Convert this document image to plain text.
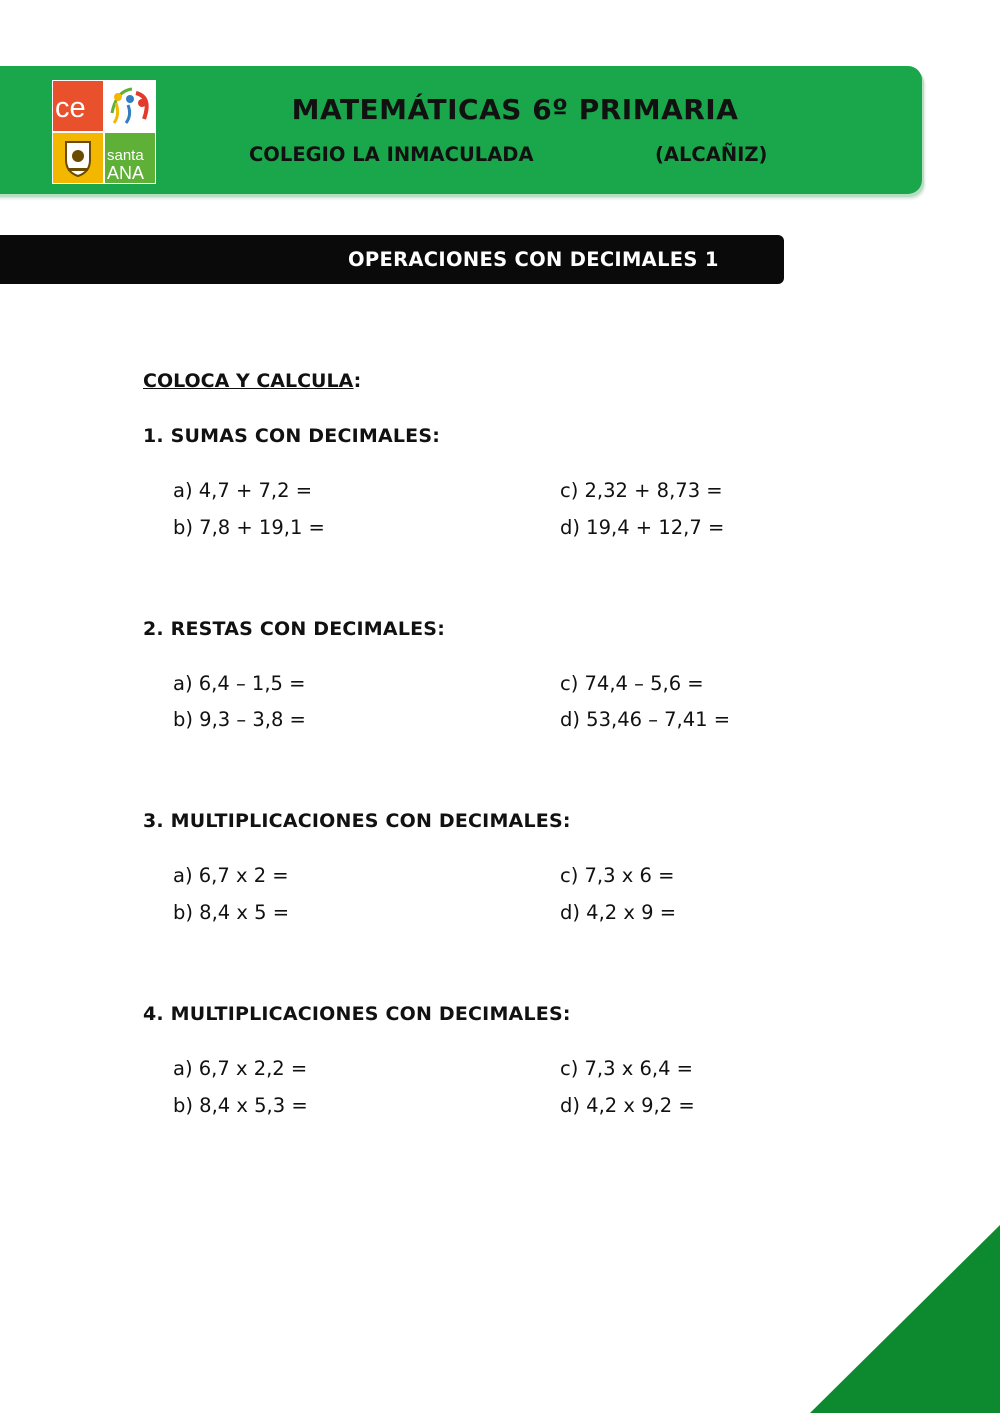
ce
santa
ANA
MATEMÁTICAS 6º PRIMARIA
COLEGIO LA INMACULADA	(ALCAÑIZ)
OPERACIONES CON DECIMALES 1
COLOCA Y CALCULA:
1. SUMAS CON DECIMALES:
a) 4,7 + 7,2 =
b) 7,8 + 19,1 =
c) 2,32 + 8,73 =
d) 19,4 + 12,7 =
2. RESTAS CON DECIMALES:
a) 6,4 – 1,5 =
b) 9,3 – 3,8 =
c) 74,4 – 5,6 =
d) 53,46 – 7,41 =
3. MULTIPLICACIONES CON DECIMALES:
a) 6,7 x 2 =
b) 8,4 x 5 =
c) 7,3 x 6 =
d) 4,2 x 9 =
4. MULTIPLICACIONES CON DECIMALES:
a) 6,7 x 2,2 =
b) 8,4 x 5,3 =
c) 7,3 x 6,4 =
d) 4,2 x 9,2 =
